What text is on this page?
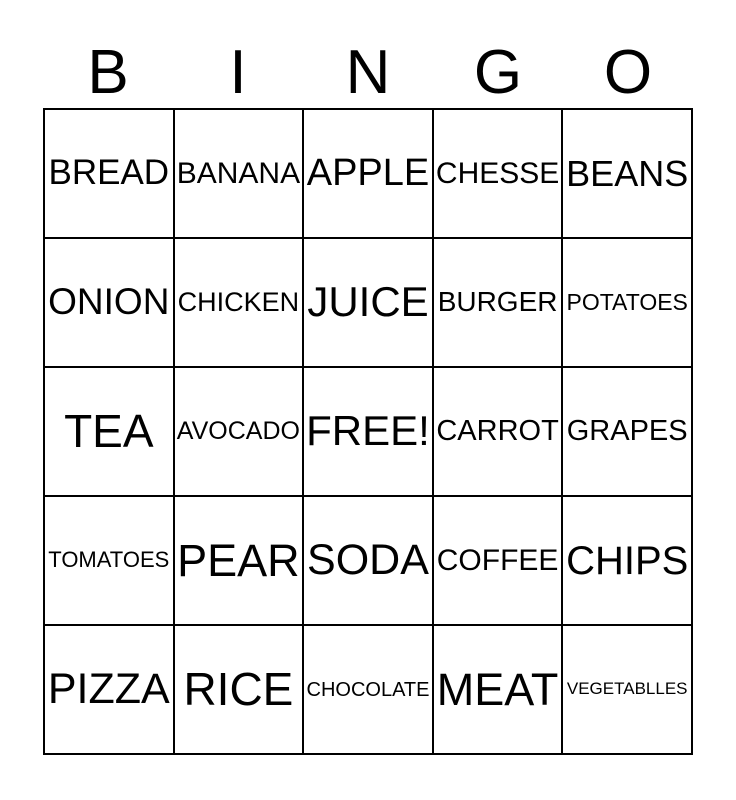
B	I	N	G	O
BREAD BANANA APPLE CHESSE BEANS
ONION CHICKEN JUICE BURGER POTATOES
TEA AVOCADO FREE! CARROT GRAPES
TOMATOES PEAR SODA COFFEE CHIPS
PIZZA RICE CHOCOLATE MEAT VEGETABLLES
